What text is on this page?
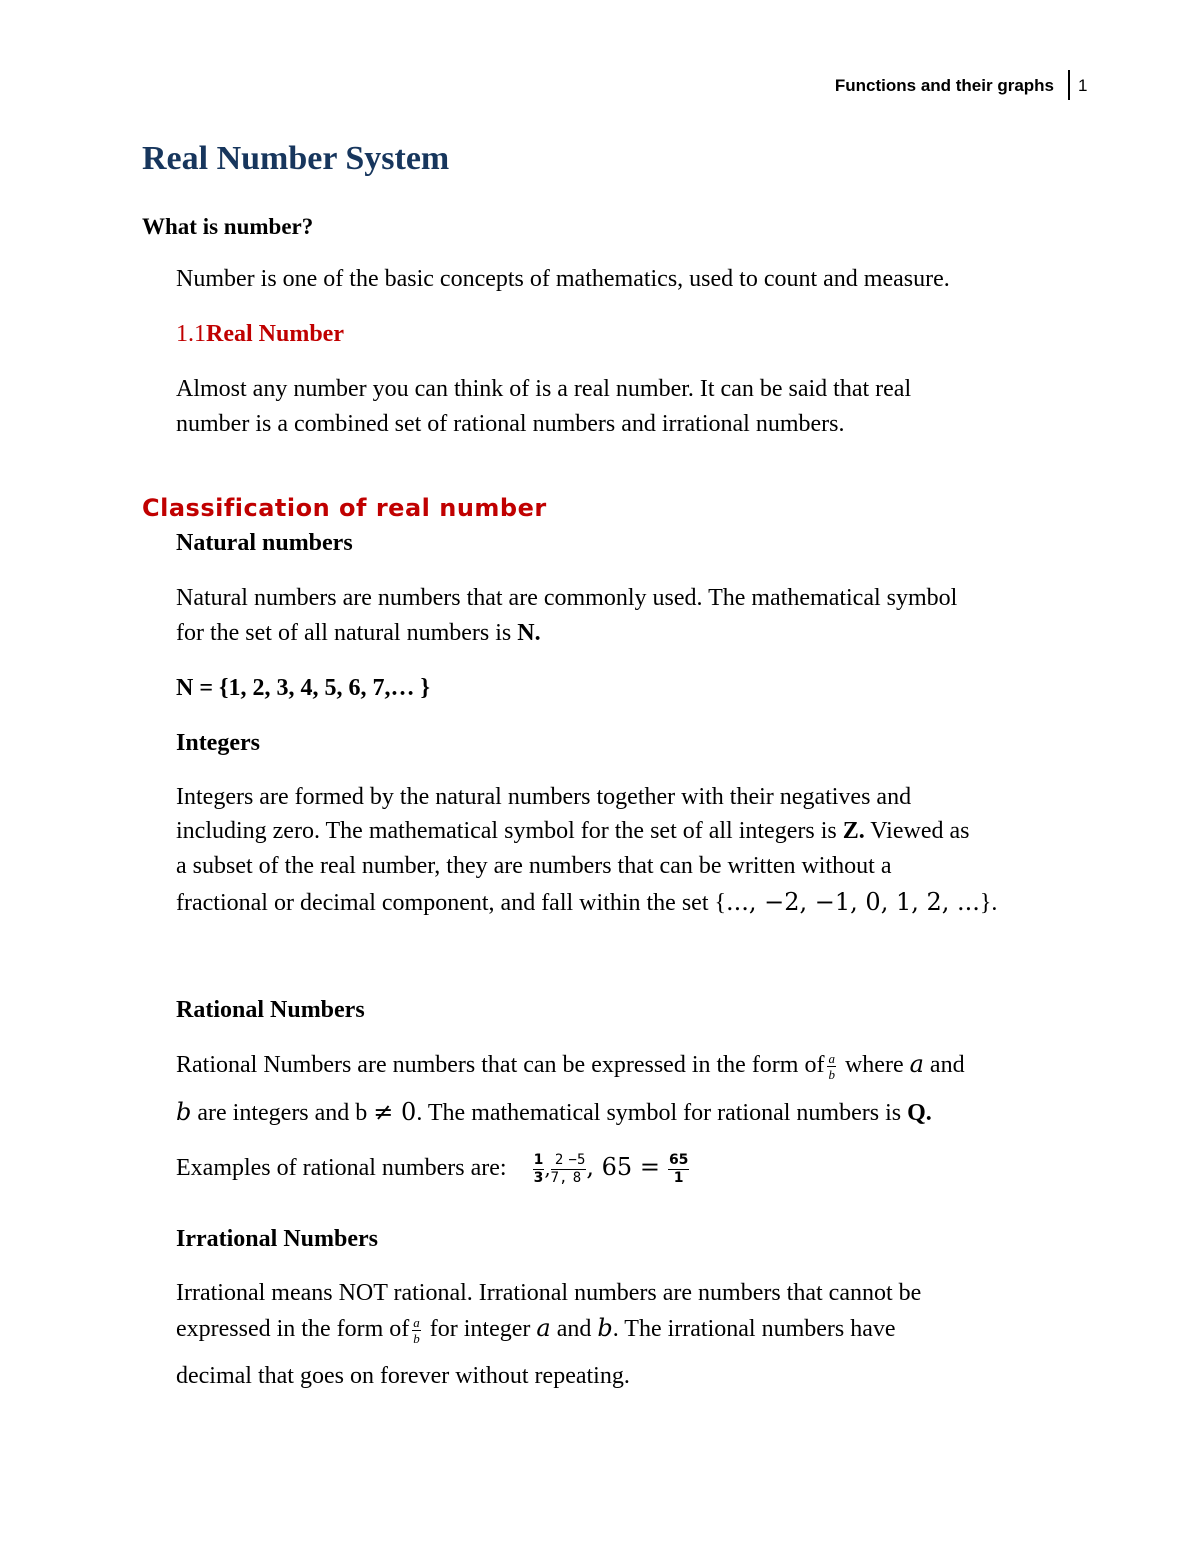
Functions and their graphs 1
Real Number System
What is number?
Number is one of the basic concepts of mathematics, used to count and measure.
1.1Real Number
Almost any number you can think of is a real number. It can be said that real
number is a combined set of rational numbers and irrational numbers.
Classification of real number
Natural numbers
Natural numbers are numbers that are commonly used. The mathematical symbol
for the set of all natural numbers is N.
N = {1, 2, 3, 4, 5, 6, 7,… }
Integers
Integers are formed by the natural numbers together with their negatives and
including zero. The mathematical symbol for the set of all integers is Z. Viewed as
a subset of the real number, they are numbers that can be written without a
fractional or decimal component, and fall within the set {..., −2, −1, 0, 1, 2, ...}.
Rational Numbers
Rational Numbers are numbers that can be expressed in the form of $\frac{a}{b}$ where a and
b are integers and b ≠ 0. The mathematical symbol for rational numbers is Q.
Examples of rational numbers are: $\frac{1}{3}$ , $\frac{2}{7,} \frac{-5}{8}$ , $65 = \frac{65}{1}$
Irrational Numbers
Irrational means NOT rational. Irrational numbers are numbers that cannot be
expressed in the form of $\frac{a}{b}$ for integer a and b. The irrational numbers have
decimal that goes on forever without repeating.
